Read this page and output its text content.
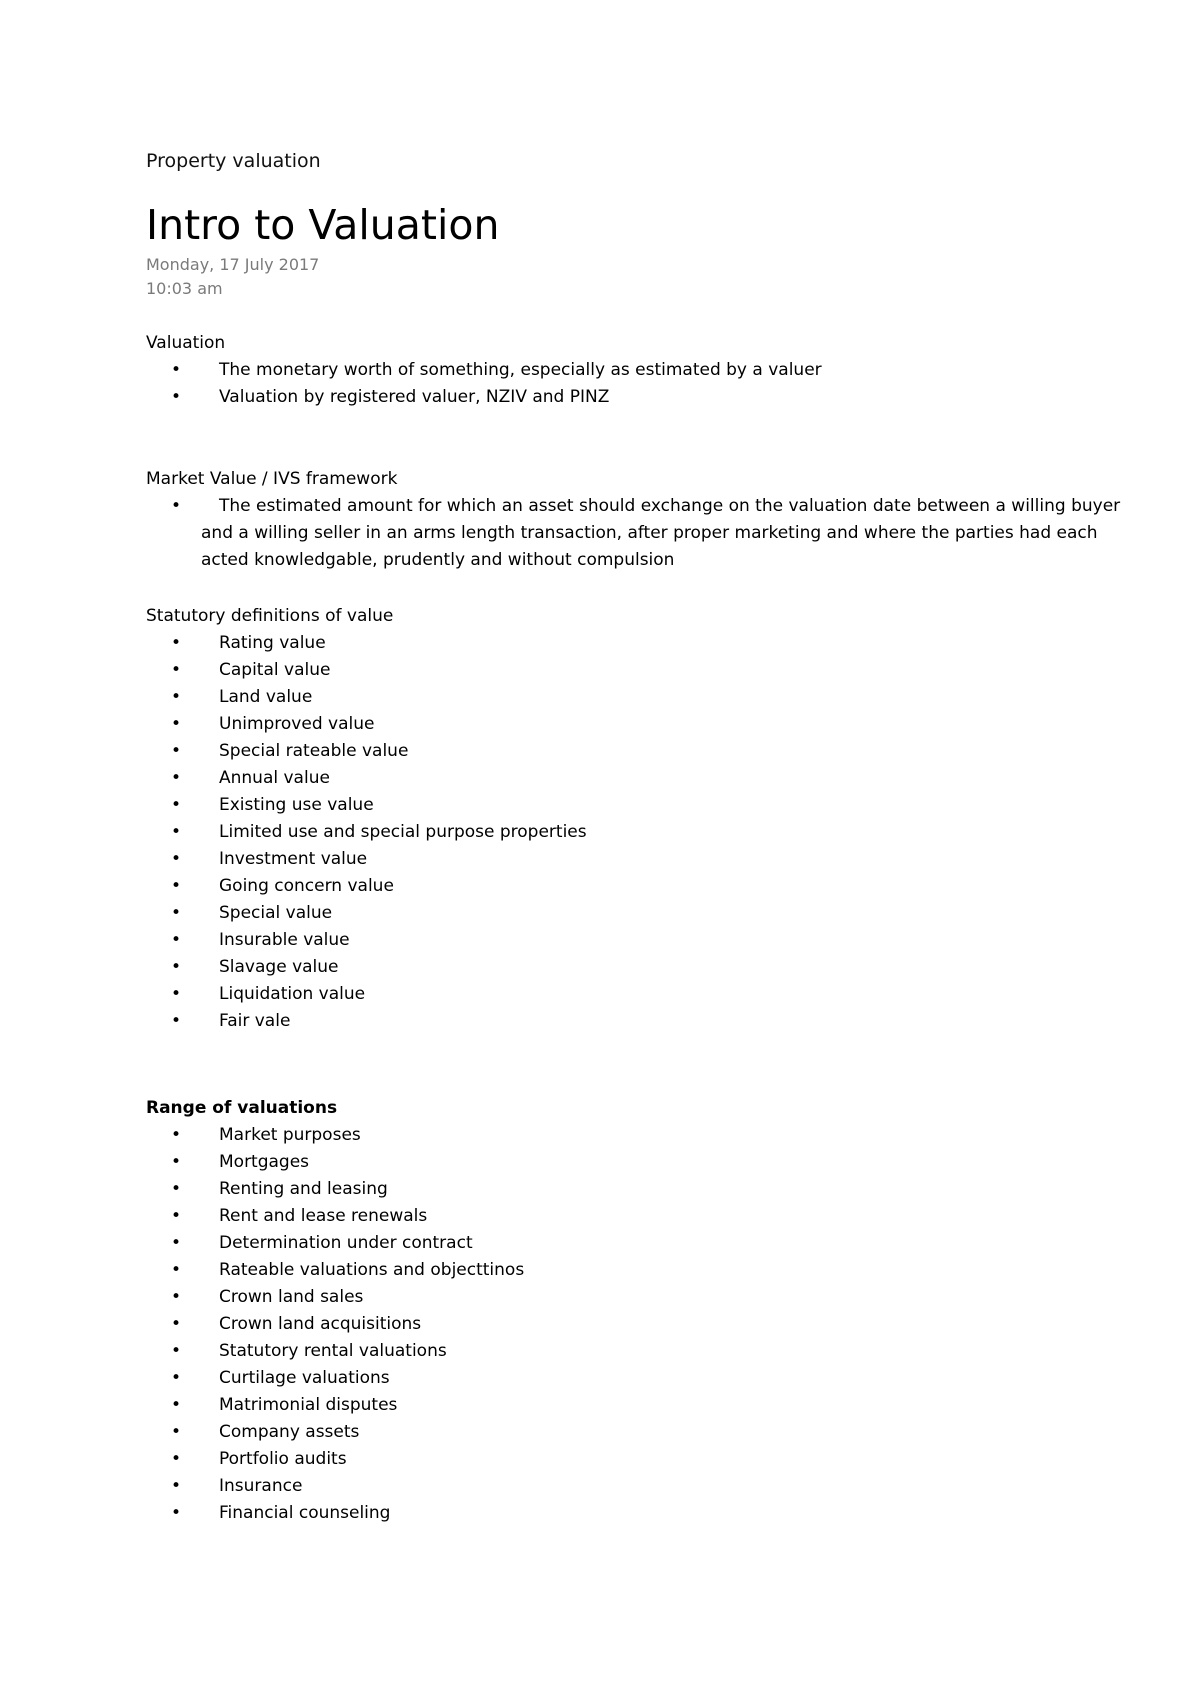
Property valuation
Intro to Valuation
Monday, 17 July 2017
10:03 am
Valuation
• The monetary worth of something, especially as estimated by a valuer
• Valuation by registered valuer, NZIV and PINZ
Market Value / IVS framework
• The estimated amount for which an asset should exchange on the valuation date between a willing buyer and a willing seller in an arms length transaction, after proper marketing and where the parties had each acted knowledgable, prudently and without compulsion
Statutory definitions of value
• Rating value
• Capital value
• Land value
• Unimproved value
• Special rateable value
• Annual value
• Existing use value
• Limited use and special purpose properties
• Investment value
• Going concern value
• Special value
• Insurable value
• Slavage value
• Liquidation value
• Fair vale
Range of valuations
• Market purposes
• Mortgages
• Renting and leasing
• Rent and lease renewals
• Determination under contract
• Rateable valuations and objecttinos
• Crown land sales
• Crown land acquisitions
• Statutory rental valuations
• Curtilage valuations
• Matrimonial disputes
• Company assets
• Portfolio audits
• Insurance
• Financial counseling
